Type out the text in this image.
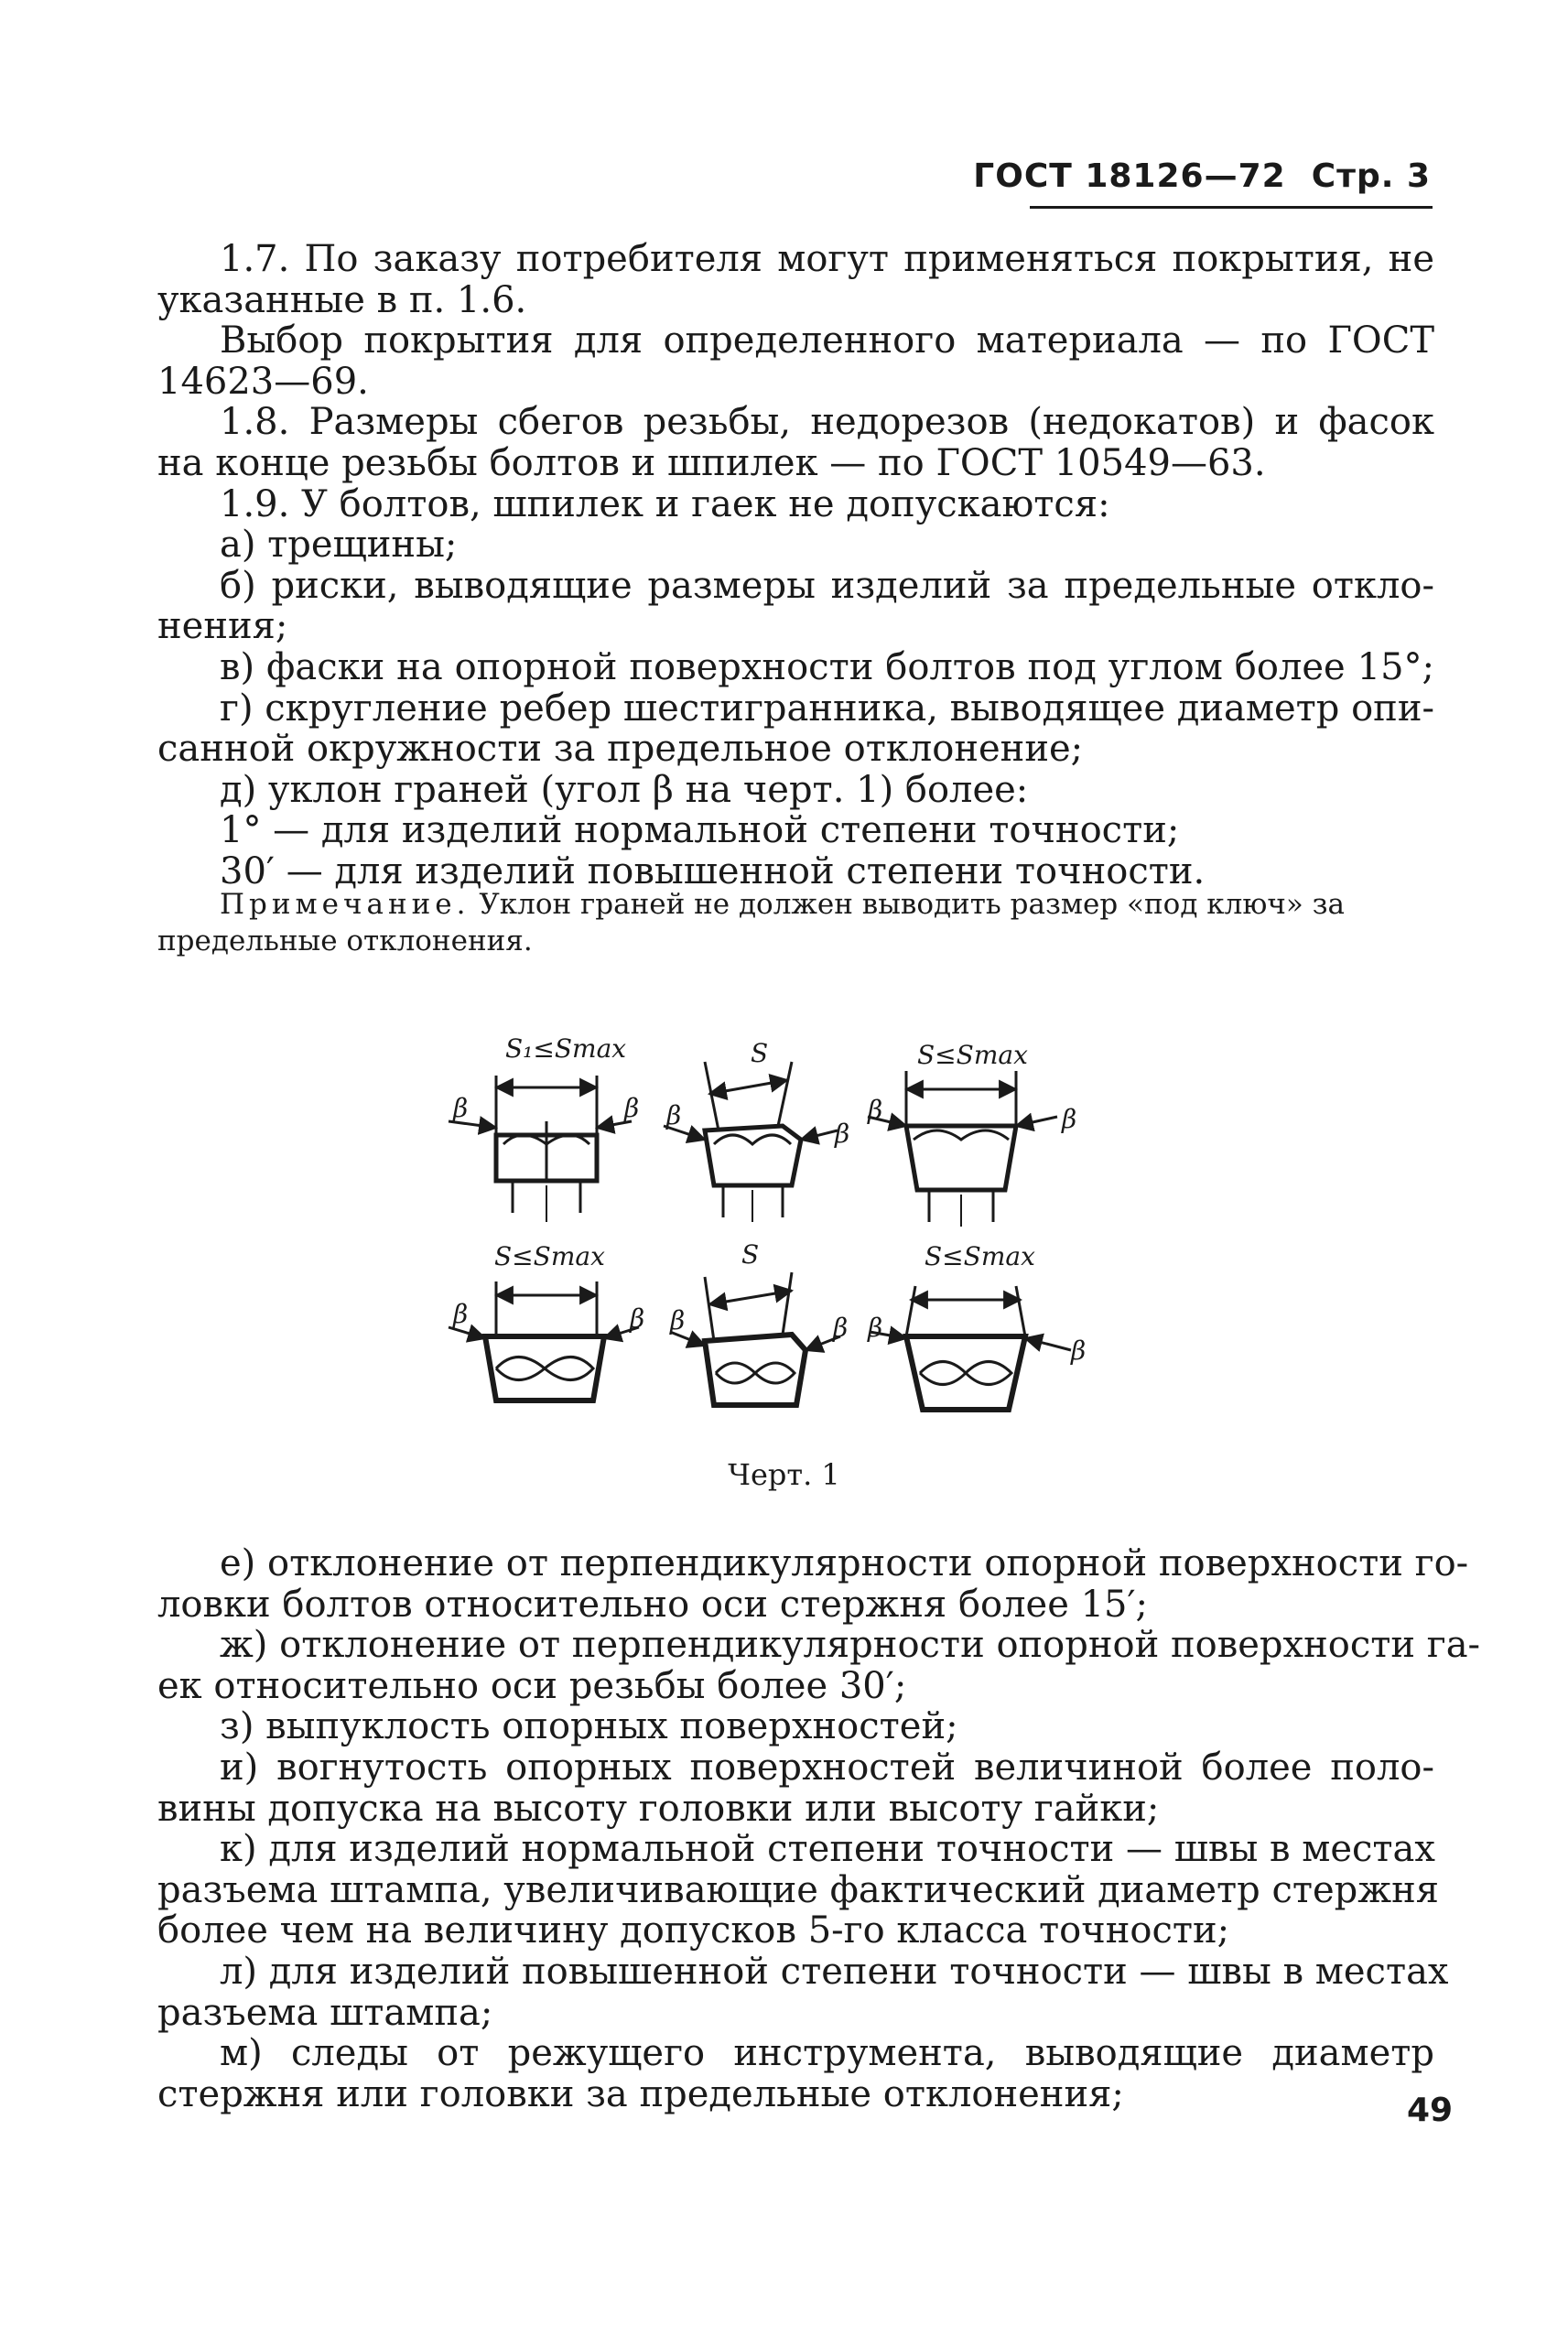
ГОСТ 18126—72 Стр. 3
1.7. По заказу потребителя могут применяться покрытия, не
указанные в п. 1.6.
Выбор покрытия для определенного материала — по ГОСТ
14623—69.
1.8. Размеры сбегов резьбы, недорезов (недокатов) и фасок
на конце резьбы болтов и шпилек — по ГОСТ 10549—63.
1.9. У болтов, шпилек и гаек не допускаются:
а) трещины;
б) риски, выводящие размеры изделий за предельные откло-
нения;
в) фаски на опорной поверхности болтов под углом более 15°;
г) скругление ребер шестигранника, выводящее диаметр опи-
санной окружности за предельное отклонение;
д) уклон граней (угол β на черт. 1) более:
1° — для изделий нормальной степени точности;
30′ — для изделий повышенной степени точности.
Примечание. Уклон граней не должен выводить размер «под ключ» за
предельные отклонения.
S₁≤Smax	S	S≤Smax
S≤Smax	S	S≤Smax
β	β β
β
β	β
β	β β	β β
β
Черт. 1
е) отклонение от перпендикулярности опорной поверхности го-
ловки болтов относительно оси стержня более 15′;
ж) отклонение от перпендикулярности опорной поверхности га-
ек относительно оси резьбы более 30′;
з) выпуклость опорных поверхностей;
и) вогнутость опорных поверхностей величиной более поло-
вины допуска на высоту головки или высоту гайки;
к) для изделий нормальной степени точности — швы в местах
разъема штампа, увеличивающие фактический диаметр стержня
более чем на величину допусков 5-го класса точности;
л) для изделий повышенной степени точности — швы в местах
разъема штампа;
м) следы от режущего инструмента, выводящие диаметр
стержня или головки за предельные отклонения;	49
